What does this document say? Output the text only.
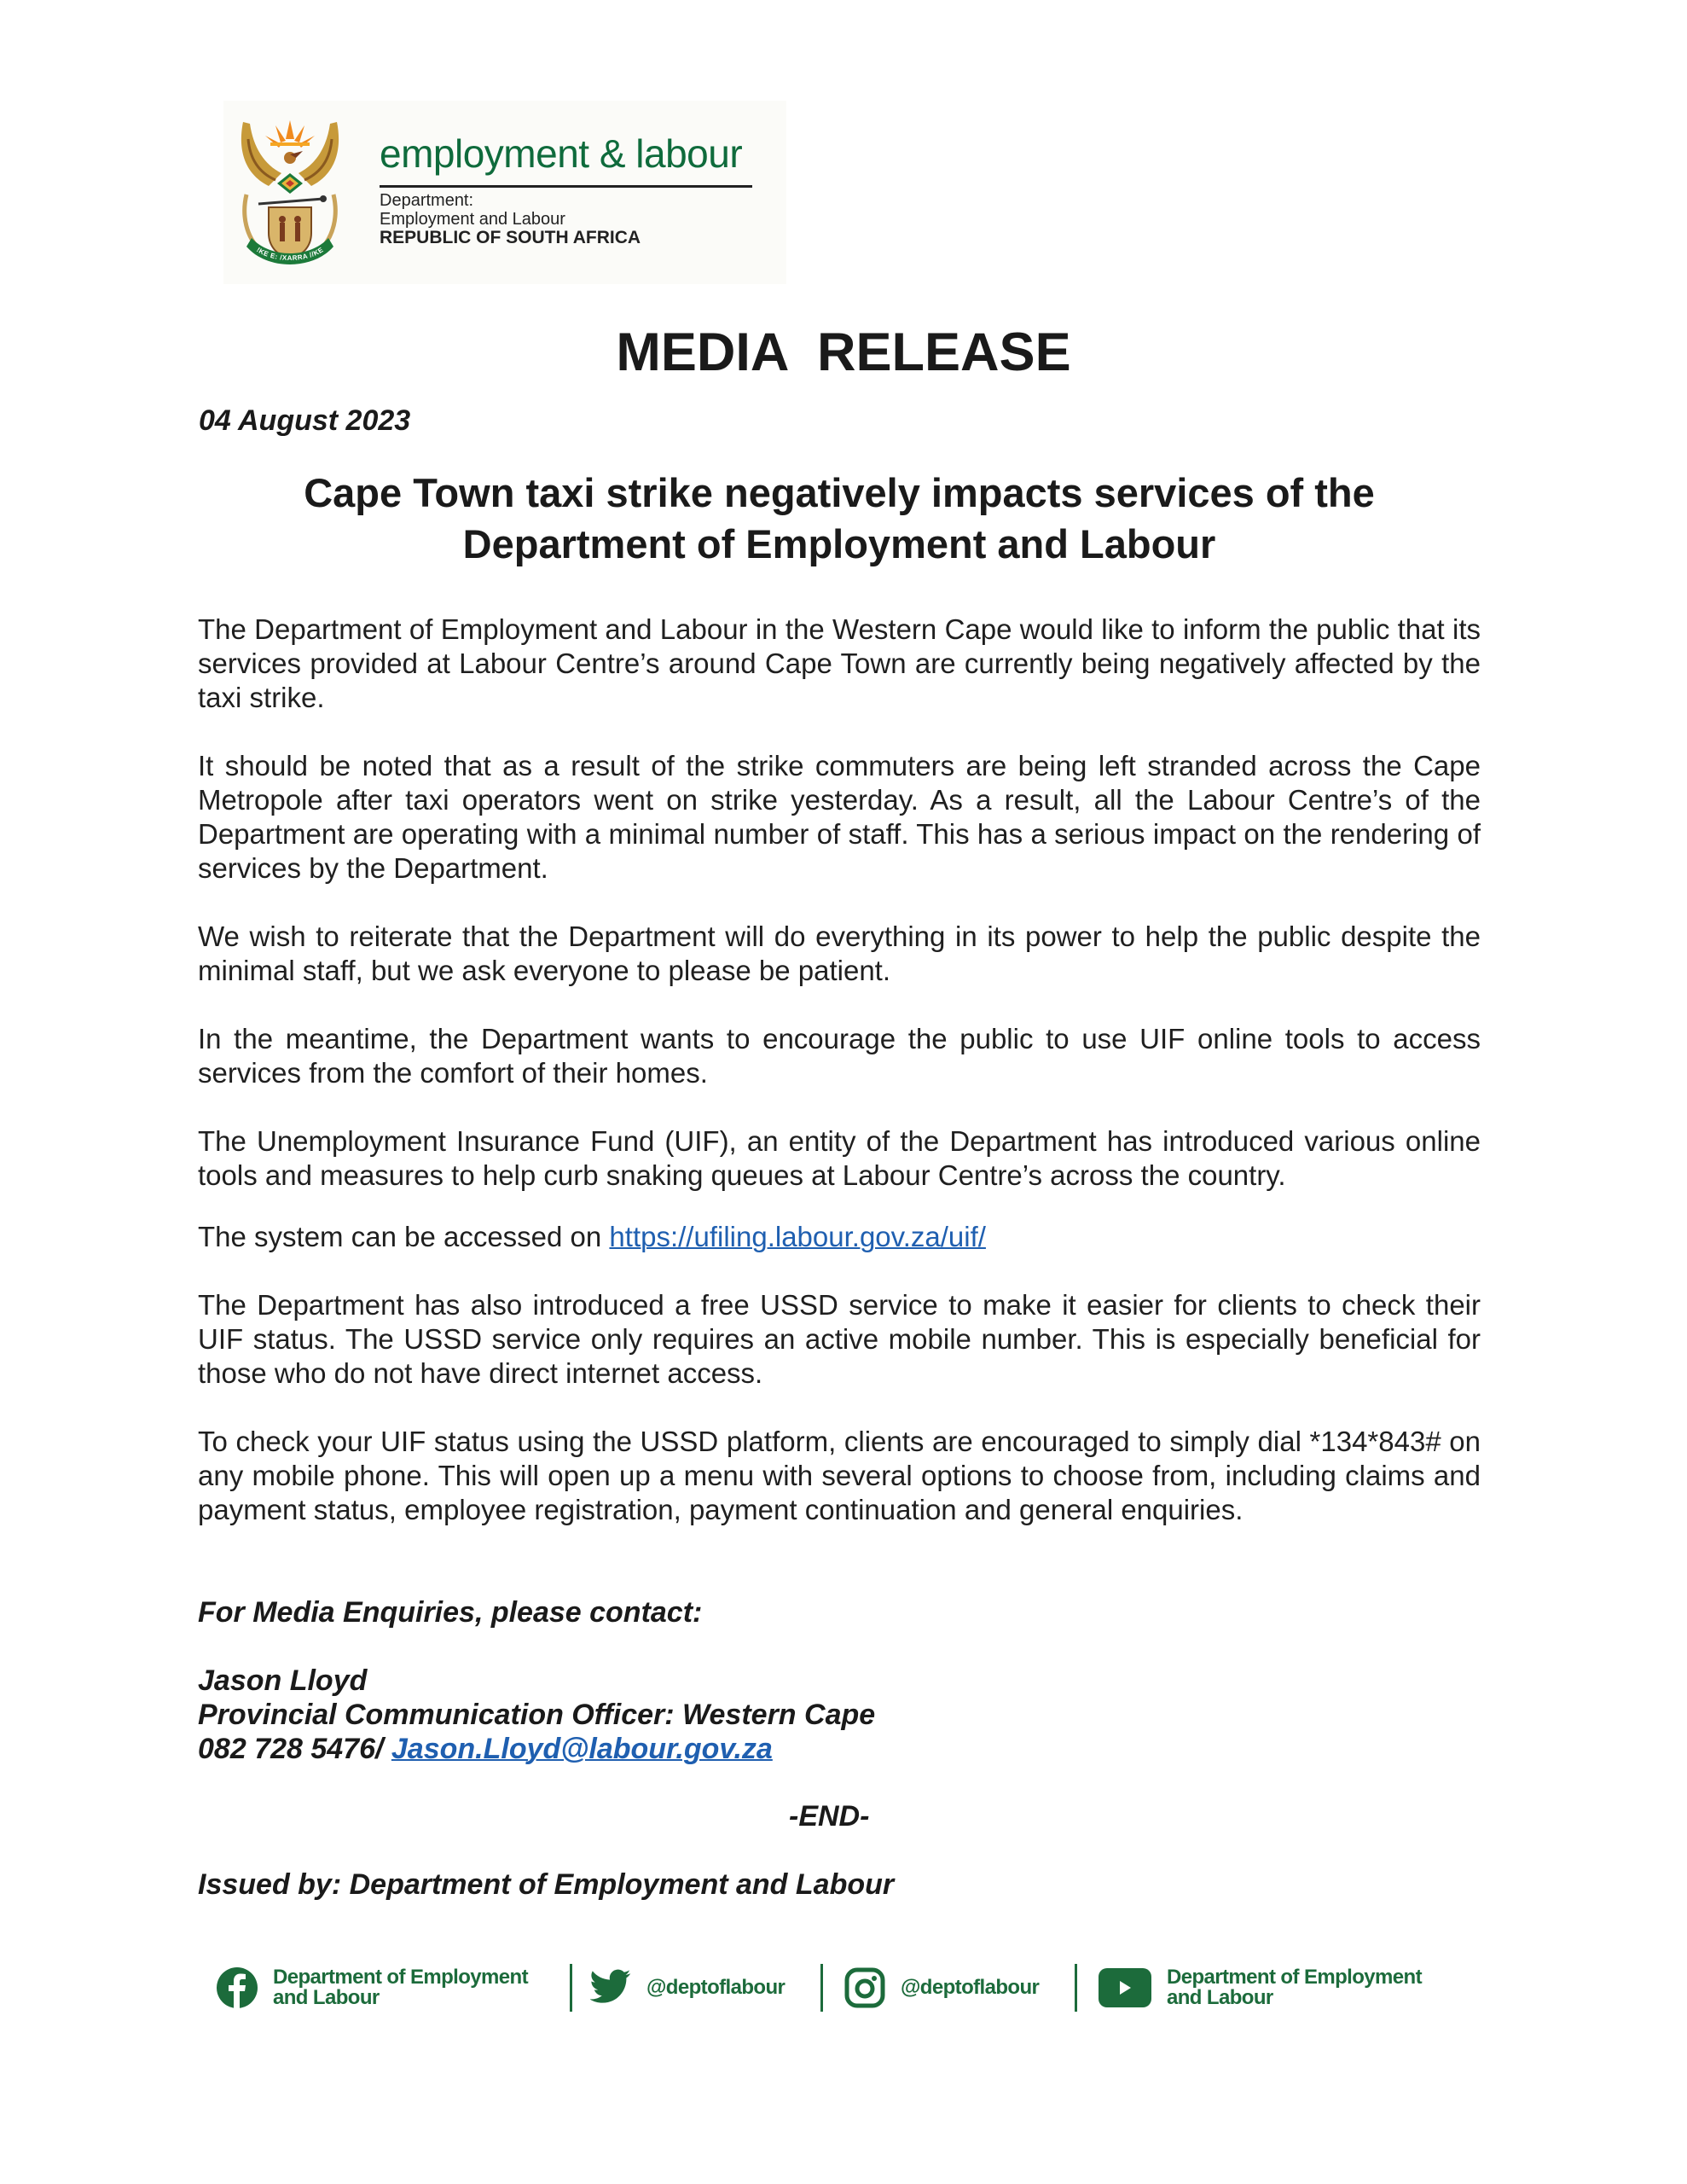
!KE E: /XARRA //KE
employment & labour
Department:
Employment and Labour
REPUBLIC OF SOUTH AFRICA
MEDIA  RELEASE
04 August 2023
Cape Town taxi strike negatively impacts services of the
Department of Employment and Labour

The Department of Employment and Labour in the Western Cape would like to inform the public that its services provided at Labour Centre’s around Cape Town are currently being negatively affected by the taxi strike.

It should be noted that as a result of the strike commuters are being left stranded across the Cape Metropole after taxi operators went on strike yesterday. As a result, all the Labour Centre’s of the Department are operating with a minimal number of staff. This has a serious impact on the rendering of services by the Department.

We wish to reiterate that the Department will do everything in its power to help the public despite the minimal staff, but we ask everyone to please be patient.

In the meantime, the Department wants to encourage the public to use UIF online tools to access services from the comfort of their homes.

The Unemployment Insurance Fund (UIF), an entity of the Department has introduced various online tools and measures to help curb snaking queues at Labour Centre’s across the country.

The system can be accessed on https://ufiling.labour.gov.za/uif/

The Department has also introduced a free USSD service to make it easier for clients to check their UIF status. The USSD service only requires an active mobile number. This is especially beneficial for those who do not have direct internet access.

To check your UIF status using the USSD platform, clients are encouraged to simply dial *134*843# on any mobile phone. This will open up a menu with several options to choose from, including claims and payment status, employee registration, payment continuation and general enquiries.

For Media Enquiries, please contact:
Jason Lloyd
Provincial Communication Officer: Western Cape
082 728 5476/ Jason.Lloyd@labour.gov.za
-END-
Issued by: Department of Employment and Labour
Department of Employment
and Labour	@deptoflabour	@deptoflabour	Department of Employment
and Labour
